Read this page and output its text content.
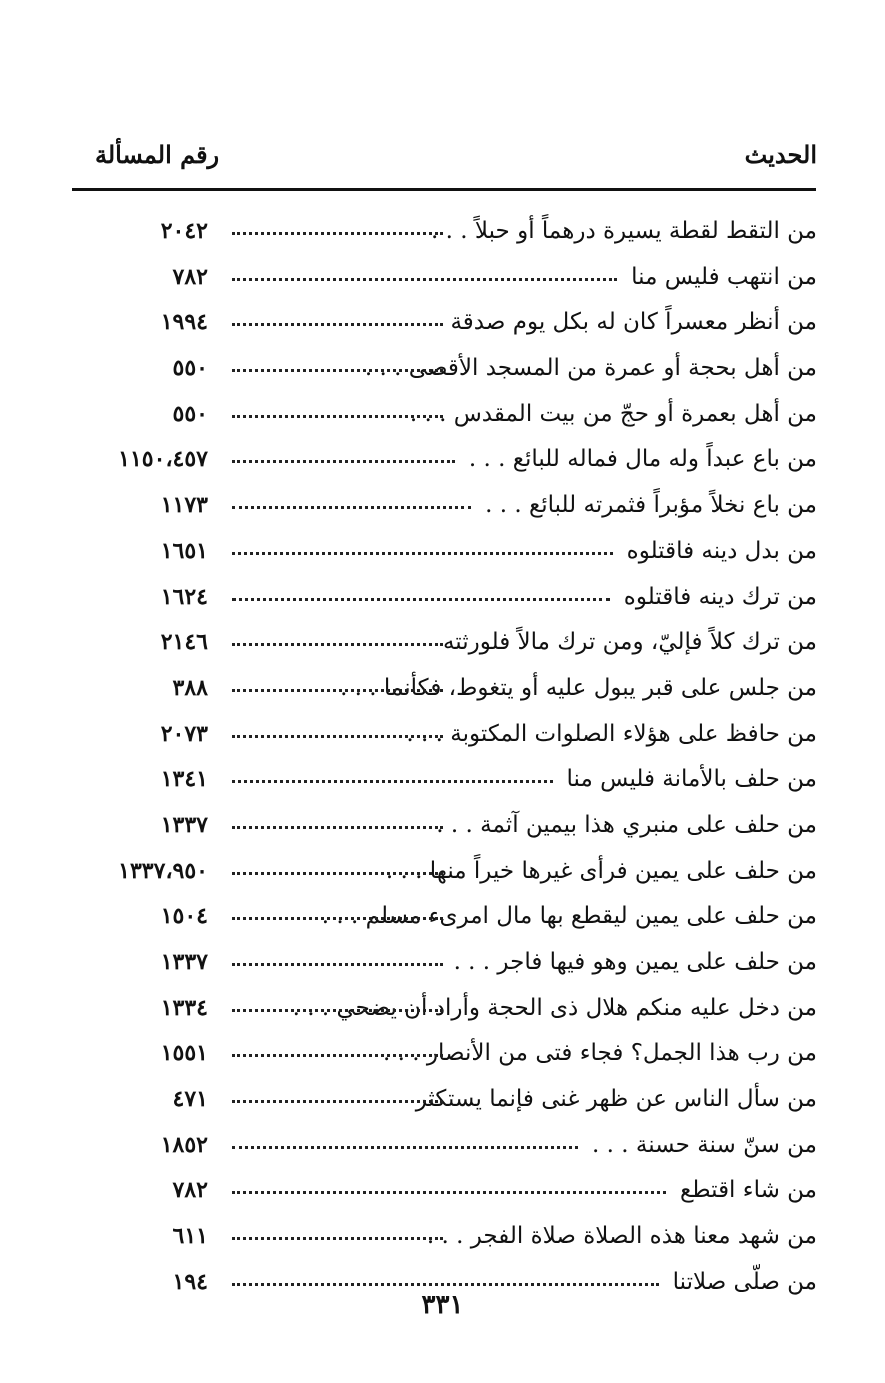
الحديث
رقم المسألة
من التقط لقطة يسيرة درهماً أو حبلاً . . .
٢٠٤٢
من انتهب فليس منا
٧٨٢
من أنظر معسراً كان له بكل يوم صدقة
١٩٩٤
من أهل بحجة أو عمرة من المسجد الأقصى . . .
٥٥٠
من أهل بعمرة أو حجّ من بيت المقدس . . .
٥٥٠
من باع عبداً وله مال فماله للبائع . . .
١١٥٠،٤٥٧
من باع نخلاً مؤبراً فثمرته للبائع . . .
١١٧٣
من بدل دينه فاقتلوه
١٦٥١
من ترك دينه فاقتلوه
١٦٢٤
من ترك كلاً فإليّ، ومن ترك مالاً فلورثته
٢١٤٦
من جلس على قبر يبول عليه أو يتغوط، فكأنما . . .
٣٨٨
من حافظ على هؤلاء الصلوات المكتوبة . . .
٢٠٧٣
من حلف بالأمانة فليس منا
١٣٤١
من حلف على منبري هذا بيمين آثمة . . .
١٣٣٧
من حلف على يمين فرأى غيرها خيراً منها . . .
١٣٣٧،٩٥٠
من حلف على يمين ليقطع بها مال امرىء مسلم . . .
١٥٠٤
من حلف على يمين وهو فيها فاجر . . .
١٣٣٧
من دخل عليه منكم هلال ذى الحجة وأراد أن يضحي . . .
١٣٣٤
من رب هذا الجمل؟ فجاء فتى من الأنصار . . .
١٥٥١
من سأل الناس عن ظهر غنى فإنما يستكثر
٤٧١
من سنّ سنة حسنة . . .
١٨٥٢
من شاء اقتطع
٧٨٢
من شهد معنا هذه الصلاة صلاة الفجر . . .
٦١١
من صلّى صلاتنا
١٩٤
٣٣١
